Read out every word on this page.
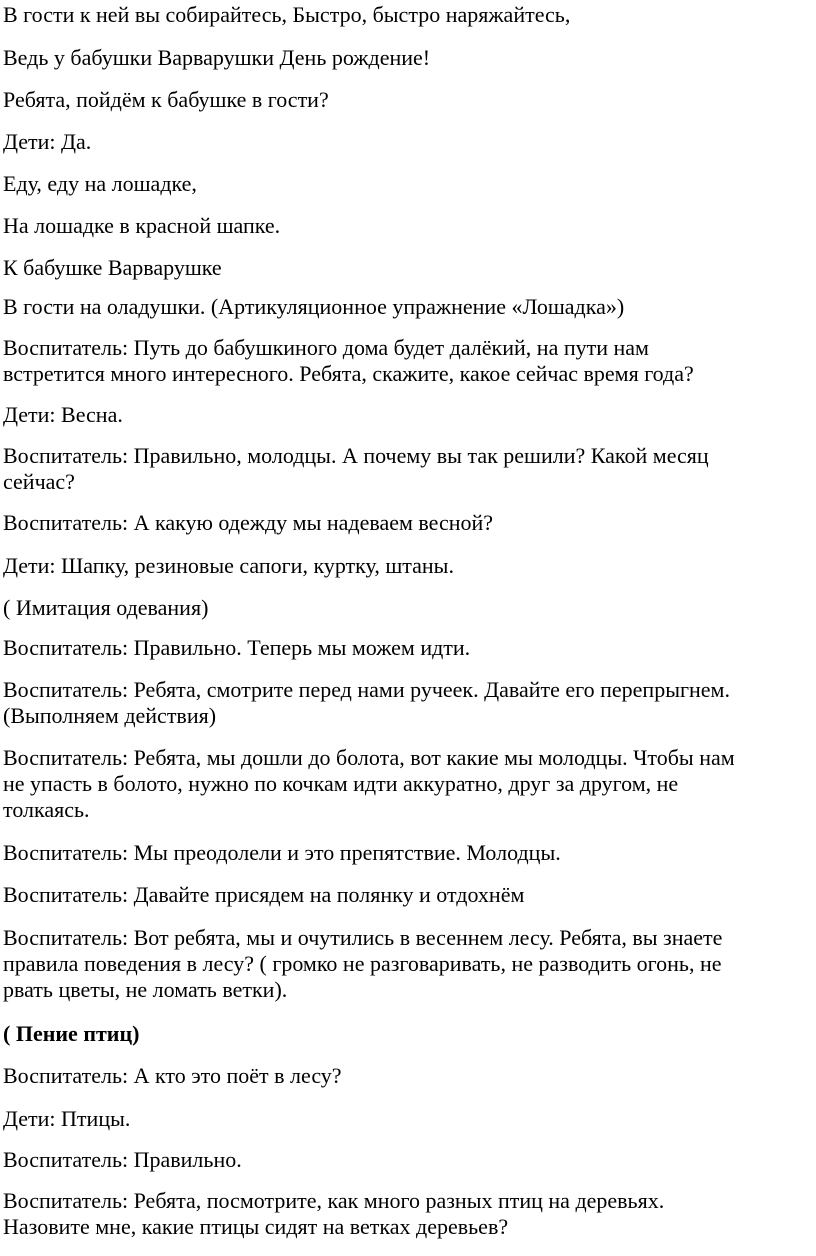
В гости к ней вы собирайтесь, Быстро, быстро наряжайтесь,

Ведь у бабушки Варварушки День рождение!

Ребята, пойдём к бабушке в гости?

Дети: Да.

Еду, еду на лошадке,

На лошадке в красной шапке.

К бабушке Варварушке

В гости на оладушки. (Артикуляционное упражнение «Лошадка»)

Воспитатель: Путь до бабушкиного дома будет далёкий, на пути нам
встретится много интересного. Ребята, скажите, какое сейчас время года?

Дети: Весна.

Воспитатель: Правильно, молодцы. А почему вы так решили? Какой месяц
сейчас?

Воспитатель: А какую одежду мы надеваем весной?

Дети: Шапку, резиновые сапоги, куртку, штаны.

( Имитация одевания)

Воспитатель: Правильно. Теперь мы можем идти.

Воспитатель: Ребята, смотрите перед нами ручеек. Давайте его перепрыгнем.
(Выполняем действия)

Воспитатель: Ребята, мы дошли до болота, вот какие мы молодцы. Чтобы нам
не упасть в болото, нужно по кочкам идти аккуратно, друг за другом, не
толкаясь.

Воспитатель: Мы преодолели и это препятствие. Молодцы.

Воспитатель: Давайте присядем на полянку и отдохнём

Воспитатель: Вот ребята, мы и очутились в весеннем лесу. Ребята, вы знаете
правила поведения в лесу? ( громко не разговаривать, не разводить огонь, не
рвать цветы, не ломать ветки).

( Пение птиц)

Воспитатель: А кто это поёт в лесу?

Дети: Птицы.

Воспитатель: Правильно.

Воспитатель: Ребята, посмотрите, как много разных птиц на деревьях.
Назовите мне, какие птицы сидят на ветках деревьев?
